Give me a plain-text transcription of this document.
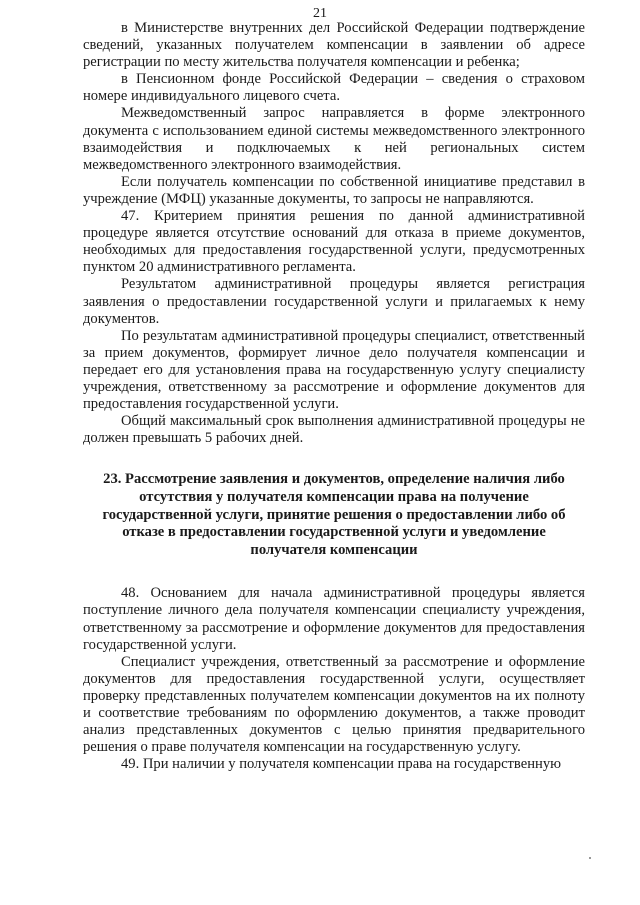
21

в Министерстве внутренних дел Российской Федерации подтверждение сведений, указанных получателем компенсации в заявлении об адресе регистрации по месту жительства получателя компенсации и ребенка;

в Пенсионном фонде Российской Федерации – сведения о страховом номере индивидуального лицевого счета.

Межведомственный запрос направляется в форме электронного документа с использованием единой системы межведомственного электронного взаимодействия и подключаемых к ней региональных систем межведомственного электронного взаимодействия.

Если получатель компенсации по собственной инициативе представил в учреждение (МФЦ) указанные документы, то запросы не направляются.

47. Критерием принятия решения по данной административной процедуре является отсутствие оснований для отказа в приеме документов, необходимых для предоставления государственной услуги, предусмотренных пунктом 20 административного регламента.

Результатом административной процедуры является регистрация заявления о предоставлении государственной услуги и прилагаемых к нему документов.

По результатам административной процедуры специалист, ответственный за прием документов, формирует личное дело получателя компенсации и передает его для установления права на государственную услугу специалисту учреждения, ответственному за рассмотрение и оформление документов для предоставления государственной услуги.

Общий максимальный срок выполнения административной процедуры не должен превышать 5 рабочих дней.

23. Рассмотрение заявления и документов, определение наличия либо отсутствия у получателя компенсации права на получение государственной услуги, принятие решения о предоставлении либо об отказе в предоставлении государственной услуги и уведомление получателя компенсации

48. Основанием для начала административной процедуры является поступление личного дела получателя компенсации специалисту учреждения, ответственному за рассмотрение и оформление документов для предоставления государственной услуги.

Специалист учреждения, ответственный за рассмотрение и оформление документов для предоставления государственной услуги, осуществляет проверку представленных получателем компенсации документов на их полноту и соответствие требованиям по оформлению документов, а также проводит анализ представленных документов с целью принятия предварительного решения о праве получателя компенсации на государственную услугу.

49. При наличии у получателя компенсации права на государственную
